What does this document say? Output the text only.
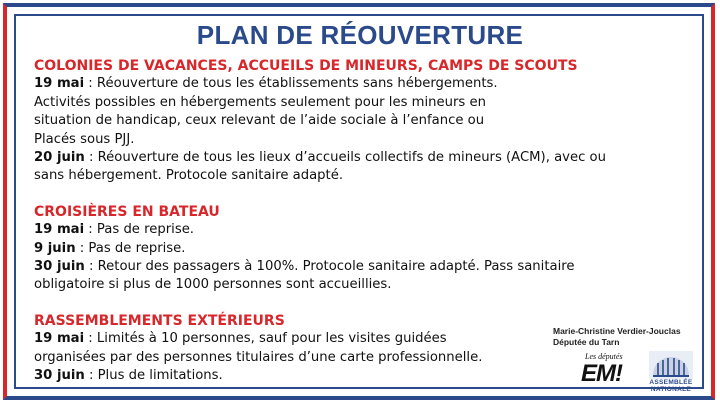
PLAN DE RÉOUVERTURE
COLONIES DE VACANCES, ACCUEILS DE MINEURS, CAMPS DE SCOUTS
19 mai : Réouverture de tous les établissements sans hébergements.
Activités possibles en hébergements seulement pour les mineurs en
situation de handicap, ceux relevant de l’aide sociale à l’enfance ou
Placés sous PJJ.
20 juin : Réouverture de tous les lieux d’accueils collectifs de mineurs (ACM), avec ou
sans hébergement. Protocole sanitaire adapté.
CROISIÈRES EN BATEAU
19 mai : Pas de reprise.
9 juin : Pas de reprise.
30 juin : Retour des passagers à 100%. Protocole sanitaire adapté. Pass sanitaire
obligatoire si plus de 1000 personnes sont accueillies.
RASSEMBLEMENTS EXTÉRIEURS
19 mai : Limités à 10 personnes, sauf pour les visites guidées
organisées par des personnes titulaires d’une carte professionnelle.
30 juin : Plus de limitations.
Marie-Christine Verdier-Jouclas
Députée du Tarn
Les députés
EM!	ASSEMBLÉE
NATIONALE
